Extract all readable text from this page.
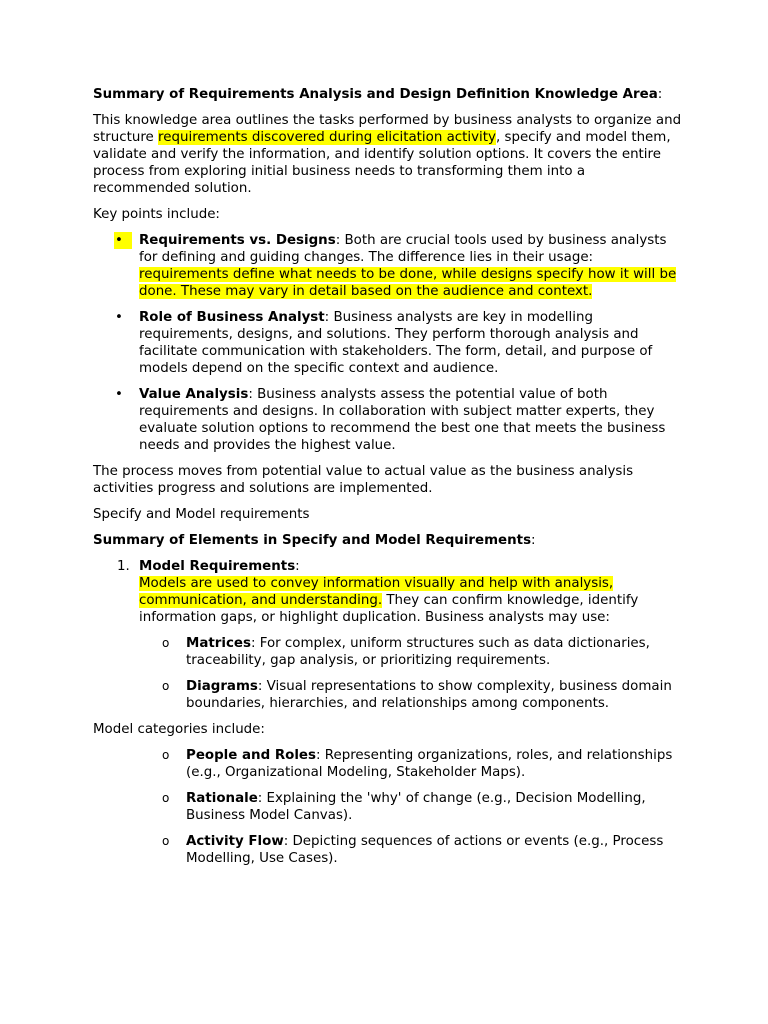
Summary of Requirements Analysis and Design Definition Knowledge Area:

This knowledge area outlines the tasks performed by business analysts to organize and structure requirements discovered during elicitation activity, specify and model them, validate and verify the information, and identify solution options. It covers the entire process from exploring initial business needs to transforming them into a recommended solution.

Key points include:

•	Requirements vs. Designs: Both are crucial tools used by business analysts for defining and guiding changes. The difference lies in their usage: requirements define what needs to be done, while designs specify how it will be done. These may vary in detail based on the audience and context.
•	Role of Business Analyst: Business analysts are key in modelling requirements, designs, and solutions. They perform thorough analysis and facilitate communication with stakeholders. The form, detail, and purpose of models depend on the specific context and audience.
•	Value Analysis: Business analysts assess the potential value of both requirements and designs. In collaboration with subject matter experts, they evaluate solution options to recommend the best one that meets the business needs and provides the highest value.

The process moves from potential value to actual value as the business analysis activities progress and solutions are implemented.

Specify and Model requirements

Summary of Elements in Specify and Model Requirements:

1. Model Requirements:
Models are used to convey information visually and help with analysis, communication, and understanding. They can confirm knowledge, identify information gaps, or highlight duplication. Business analysts may use:
o Matrices: For complex, uniform structures such as data dictionaries, traceability, gap analysis, or prioritizing requirements.
o Diagrams: Visual representations to show complexity, business domain boundaries, hierarchies, and relationships among components.

Model categories include:

o People and Roles: Representing organizations, roles, and relationships (e.g., Organizational Modeling, Stakeholder Maps).
o Rationale: Explaining the 'why' of change (e.g., Decision Modelling, Business Model Canvas).
o Activity Flow: Depicting sequences of actions or events (e.g., Process Modelling, Use Cases).
